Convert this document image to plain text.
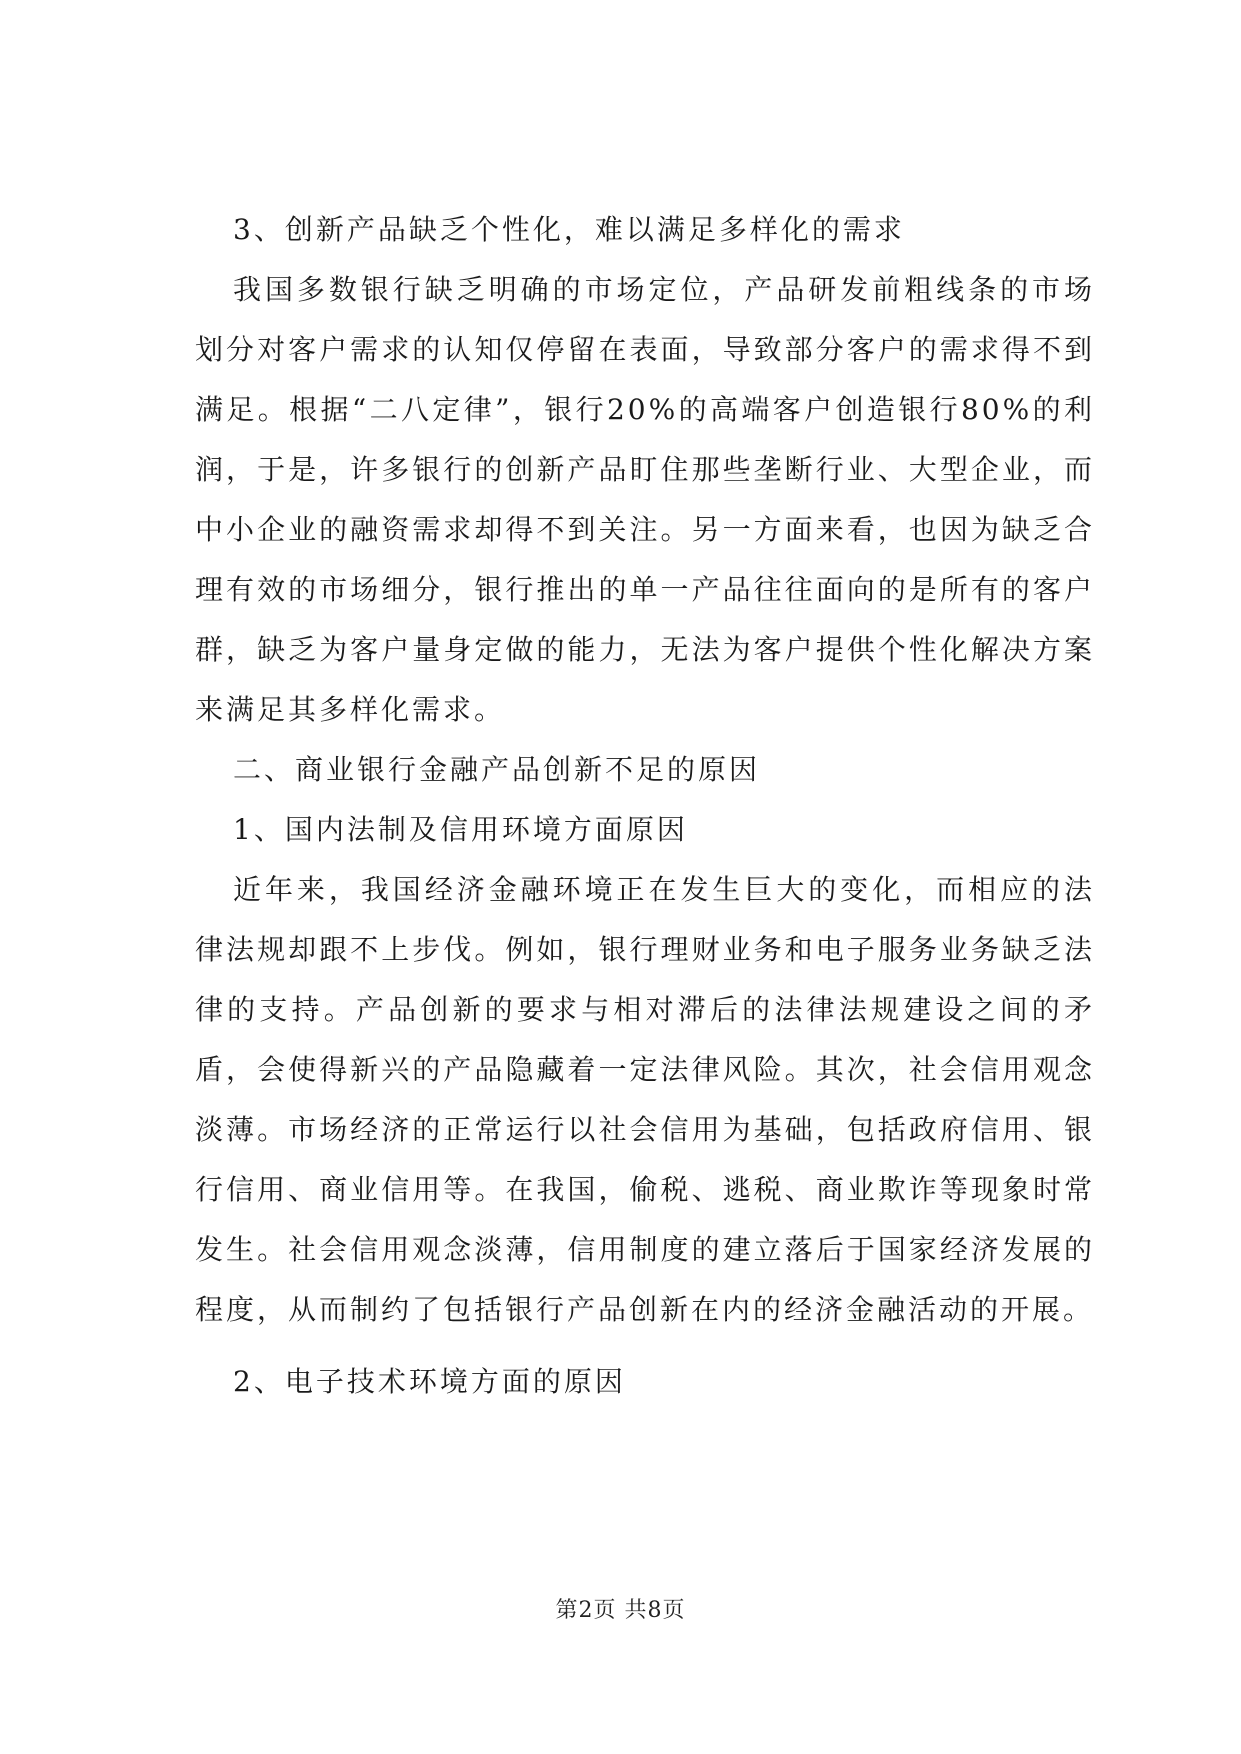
3、创新产品缺乏个性化，难以满足多样化的需求

我国多数银行缺乏明确的市场定位，产品研发前粗线条的市场划分对客户需求的认知仅停留在表面，导致部分客户的需求得不到满足。根据“二八定律”，银行20%的高端客户创造银行80%的利润，于是，许多银行的创新产品盯住那些垄断行业、大型企业，而中小企业的融资需求却得不到关注。另一方面来看，也因为缺乏合理有效的市场细分，银行推出的单一产品往往面向的是所有的客户群，缺乏为客户量身定做的能力，无法为客户提供个性化解决方案来满足其多样化需求。

二、商业银行金融产品创新不足的原因

1、国内法制及信用环境方面原因

近年来，我国经济金融环境正在发生巨大的变化，而相应的法律法规却跟不上步伐。例如，银行理财业务和电子服务业务缺乏法律的支持。产品创新的要求与相对滞后的法律法规建设之间的矛盾，会使得新兴的产品隐藏着一定法律风险。其次，社会信用观念淡薄。市场经济的正常运行以社会信用为基础，包括政府信用、银行信用、商业信用等。在我国，偷税、逃税、商业欺诈等现象时常发生。社会信用观念淡薄，信用制度的建立落后于国家经济发展的程度，从而制约了包括银行产品创新在内的经济金融活动的开展。

2、电子技术环境方面的原因

第2页 共8页
